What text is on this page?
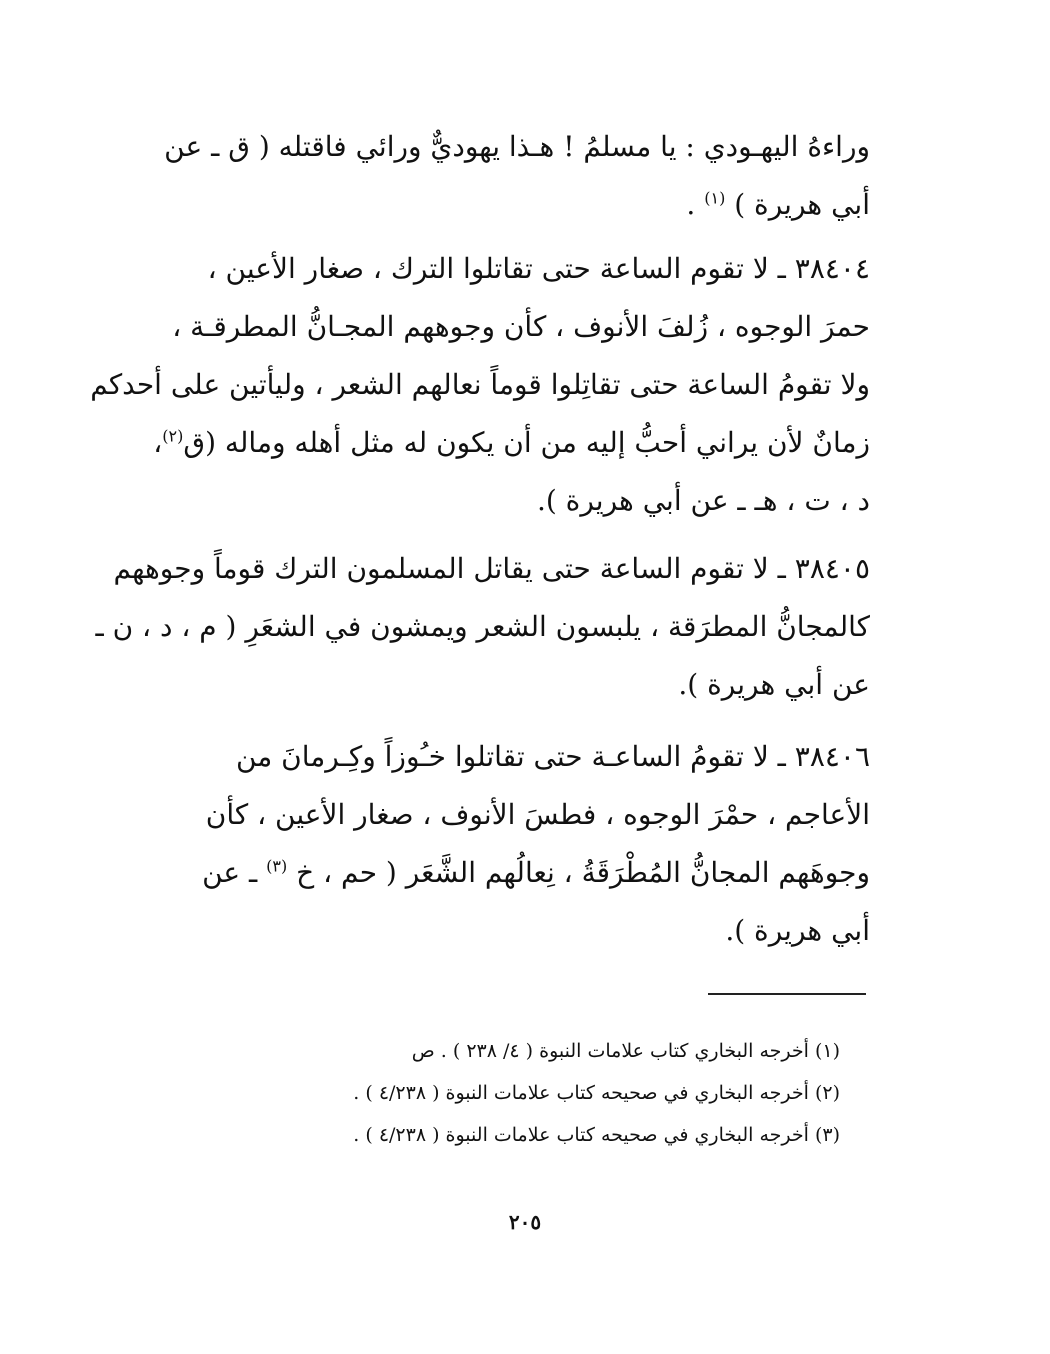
وراءهُ اليهـودي : يا مسلمُ ! هـذا يهوديٌّ ورائي فاقتله ( ق ـ عن
أبي هريرة ) $^{(١)}$ .
٣٨٤٠٤ ـ لا تقوم الساعة حتى تقاتلوا الترك ، صغار الأعين ،
حمرَ الوجوه ، زُلفَ الأنوف ، كأن وجوههم المجـانُّ المطرقـة ،
ولا تقومُ الساعة حتى تقاتِلوا قوماً نعالهم الشعر ، وليأتين على أحدكم
زمانٌ لأن يراني أحبُّ إليه من أن يكون له مثل أهله وماله (ق$^{(٢)}$،
د ، ت ، هـ ـ عن أبي هريرة ).
٣٨٤٠٥ ـ لا تقوم الساعة حتى يقاتل المسلمون الترك قوماً وجوههم
كالمجانُّ المطرَقة ، يلبسون الشعر ويمشون في الشعَرِ ( م ، د ، ن ـ
عن أبي هريرة ).
٣٨٤٠٦ ـ لا تقومُ الساعـة حتى تقاتلوا خـُوزاً وكِـرمانَ من
الأعاجم ، حمْرَ الوجوه ، فطسَ الأنوف ، صغار الأعين ، كأن
وجوهَهم المجانُّ المُطْرَقَةُ ، نِعالُهم الشَّعَر ( حم ، خ $^{(٣)}$ ـ عن
أبي هريرة ).
(١) أخرجه البخاري كتاب علامات النبوة ( ٤/ ٢٣٨ ) . ص
(٢) أخرجه البخاري في صحيحه كتاب علامات النبوة ( ٤/٢٣٨ ) .
(٣) أخرجه البخاري في صحيحه كتاب علامات النبوة ( ٤/٢٣٨ ) .
٢٠٥
